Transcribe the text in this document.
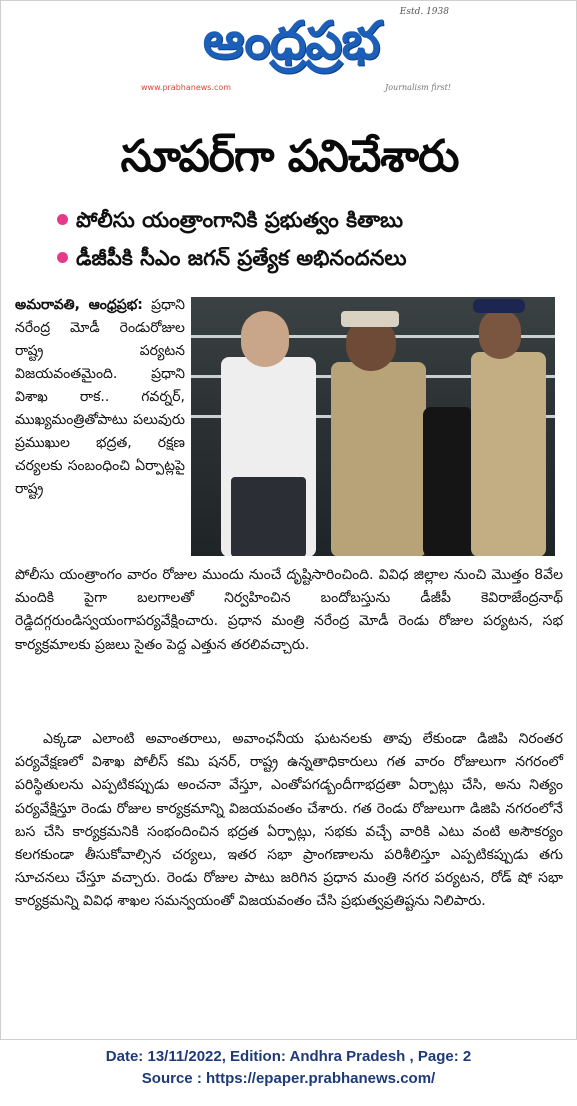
ఆంధ్రప్రభ	Estd. 1938
www.prabhanews.com	Journalism first!
సూపర్‌గా పనిచేశారు
పోలీసు యంత్రాంగానికి ప్రభుత్వం కితాబు
డీజీపీకి సీఎం జగన్ ప్రత్యేక అభినందనలు
అమరావతి, ఆంధ్రప్రభ: ప్రధాని నరేంద్ర మోడీ రెండురోజుల రాష్ట్ర పర్యటన విజయవంతమైంది. ప్రధాని విశాఖ రాక.. గవర్నర్, ముఖ్యమంత్రితోపాటు పలువురు ప్రముఖుల భద్రత, రక్షణ చర్యలకు సంబంధించి ఏర్పాట్లపై రాష్ట్ర
పోలీసు యంత్రాంగం వారం రోజుల ముందు నుంచే దృష్టిసారించింది. వివిధ జిల్లాల నుంచి మొత్తం 8వేల మందికి పైగా బలగాలతో నిర్వహించిన బందోబస్తును డీజీపీ కెవిరాజేంద్రనాథ్ రెడ్డిదగ్గరుండిస్వయంగాపర్యవేక్షించారు. ప్రధాన మంత్రి నరేంద్ర మోడీ రెండు రోజుల పర్యటన, సభ కార్యక్రమాలకు ప్రజలు సైతం పెద్ద ఎత్తున తరలివచ్చారు.
ఎక్కడా ఎలాంటి అవాంతరాలు, అవాంఛనీయ ఘటనలకు తావు లేకుండా డిజిపి నిరంతర పర్యవేక్షణలో విశాఖ పోలీస్ కమి షనర్, రాష్ట్ర ఉన్నతాధికారులు గత వారం రోజులుగా నగరంలో పరిస్థితులను ఎప్పటికప్పుడు అంచనా వేస్తూ, ఎంతోపగడ్బందీగాభద్రతా ఏర్పాట్లు చేసి, అను నిత్యం పర్యవేక్షిస్తూ రెండు రోజుల కార్యక్రమాన్ని విజయవంతం చేశారు. గత రెండు రోజులుగా డిజిపి నగరంలోనే బస చేసి కార్యక్రమనికి సంభందించిన భద్రత ఏర్పాట్లు, సభకు వచ్చే వారికి ఎటు వంటి అసౌకర్యం కలగకుండా తీసుకోవాల్సిన చర్యలు, ఇతర సభా ప్రాంగణాలను పరిశీలిస్తూ ఎప్పటికప్పుడు తగు సూచనలు చేస్తూ వచ్చారు. రెండు రోజుల పాటు జరిగిన ప్రధాన మంత్రి నగర పర్యటన, రోడ్ షో సభా కార్యక్రమన్ని వివిధ శాఖల సమన్వయంతో విజయవంతం చేసి ప్రభుత్వప్రతిష్టను నిలిపారు.
Date: 13/11/2022, Edition: Andhra Pradesh , Page: 2
Source : https://epaper.prabhanews.com/
